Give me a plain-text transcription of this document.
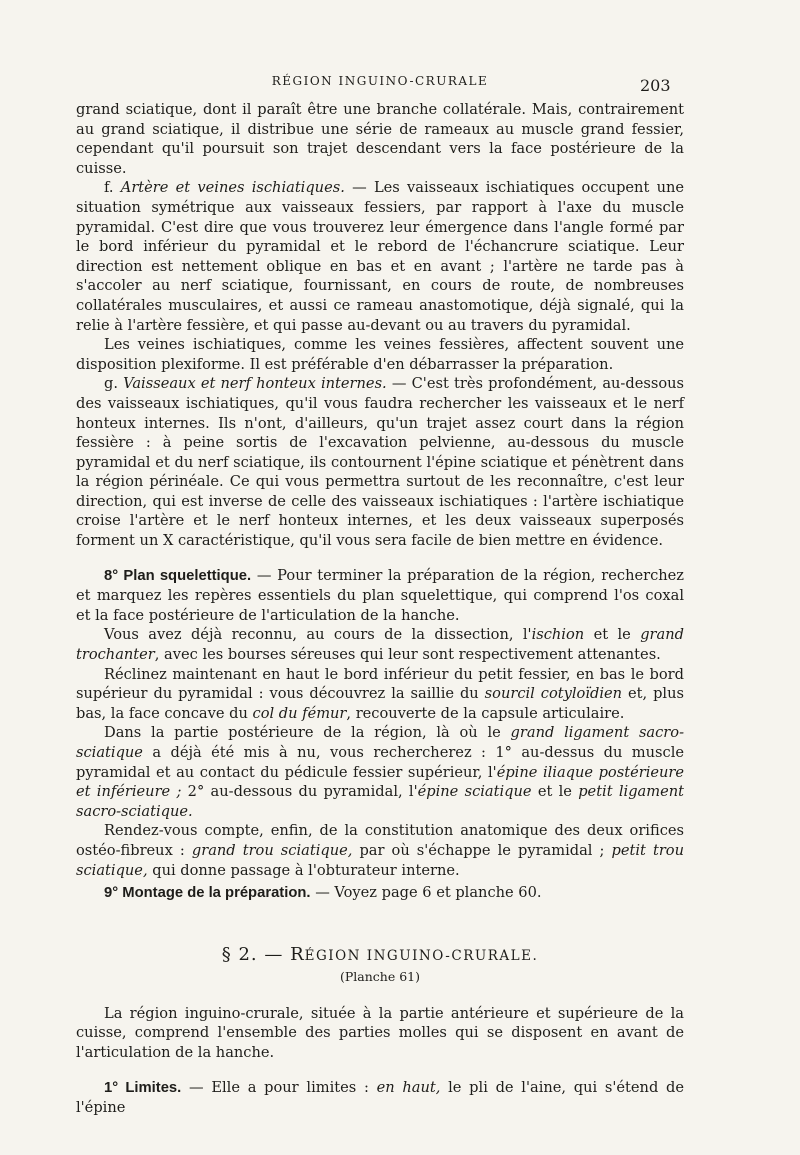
RÉGION INGUINO-CRURALE	203

grand sciatique, dont il paraît être une branche collatérale. Mais, contrairement au grand sciatique, il distribue une série de rameaux au muscle grand fessier, cependant qu'il poursuit son trajet descendant vers la face postérieure de la cuisse.

f. Artère et veines ischiatiques. — Les vaisseaux ischiatiques occupent une situation symétrique aux vaisseaux fessiers, par rapport à l'axe du muscle pyramidal. C'est dire que vous trouverez leur émergence dans l'angle formé par le bord inférieur du pyramidal et le rebord de l'échancrure sciatique. Leur direction est nettement oblique en bas et en avant ; l'artère ne tarde pas à s'accoler au nerf sciatique, fournissant, en cours de route, de nombreuses collatérales musculaires, et aussi ce rameau anastomotique, déjà signalé, qui la relie à l'artère fessière, et qui passe au-devant ou au travers du pyramidal.

Les veines ischiatiques, comme les veines fessières, affectent souvent une disposition plexiforme. Il est préférable d'en débarrasser la préparation.

g. Vaisseaux et nerf honteux internes. — C'est très profondément, au-dessous des vaisseaux ischiatiques, qu'il vous faudra rechercher les vaisseaux et le nerf honteux internes. Ils n'ont, d'ailleurs, qu'un trajet assez court dans la région fessière : à peine sortis de l'excavation pelvienne, au-dessous du muscle pyramidal et du nerf sciatique, ils contournent l'épine sciatique et pénètrent dans la région périnéale. Ce qui vous permettra surtout de les reconnaître, c'est leur direction, qui est inverse de celle des vaisseaux ischiatiques : l'artère ischiatique croise l'artère et le nerf honteux internes, et les deux vaisseaux superposés forment un X caractéristique, qu'il vous sera facile de bien mettre en évidence.

8° Plan squelettique. — Pour terminer la préparation de la région, recherchez et marquez les repères essentiels du plan squelettique, qui comprend l'os coxal et la face postérieure de l'articulation de la hanche.

Vous avez déjà reconnu, au cours de la dissection, l'ischion et le grand trochanter, avec les bourses séreuses qui leur sont respectivement attenantes.

Réclinez maintenant en haut le bord inférieur du petit fessier, en bas le bord supérieur du pyramidal : vous découvrez la saillie du sourcil cotyloïdien et, plus bas, la face concave du col du fémur, recouverte de la capsule articulaire.

Dans la partie postérieure de la région, là où le grand ligament sacro-sciatique a déjà été mis à nu, vous rechercherez : 1° au-dessus du muscle pyramidal et au contact du pédicule fessier supérieur, l'épine iliaque postérieure et inférieure ; 2° au-dessous du pyramidal, l'épine sciatique et le petit ligament sacro-sciatique.

Rendez-vous compte, enfin, de la constitution anatomique des deux orifices ostéo-fibreux : grand trou sciatique, par où s'échappe le pyramidal ; petit trou sciatique, qui donne passage à l'obturateur interne.

9° Montage de la préparation. — Voyez page 6 et planche 60.

§ 2. — RÉGION INGUINO-CRURALE.
(Planche 61)

La région inguino-crurale, située à la partie antérieure et supérieure de la cuisse, comprend l'ensemble des parties molles qui se disposent en avant de l'articulation de la hanche.

1° Limites. — Elle a pour limites : en haut, le pli de l'aine, qui s'étend de l'épine
